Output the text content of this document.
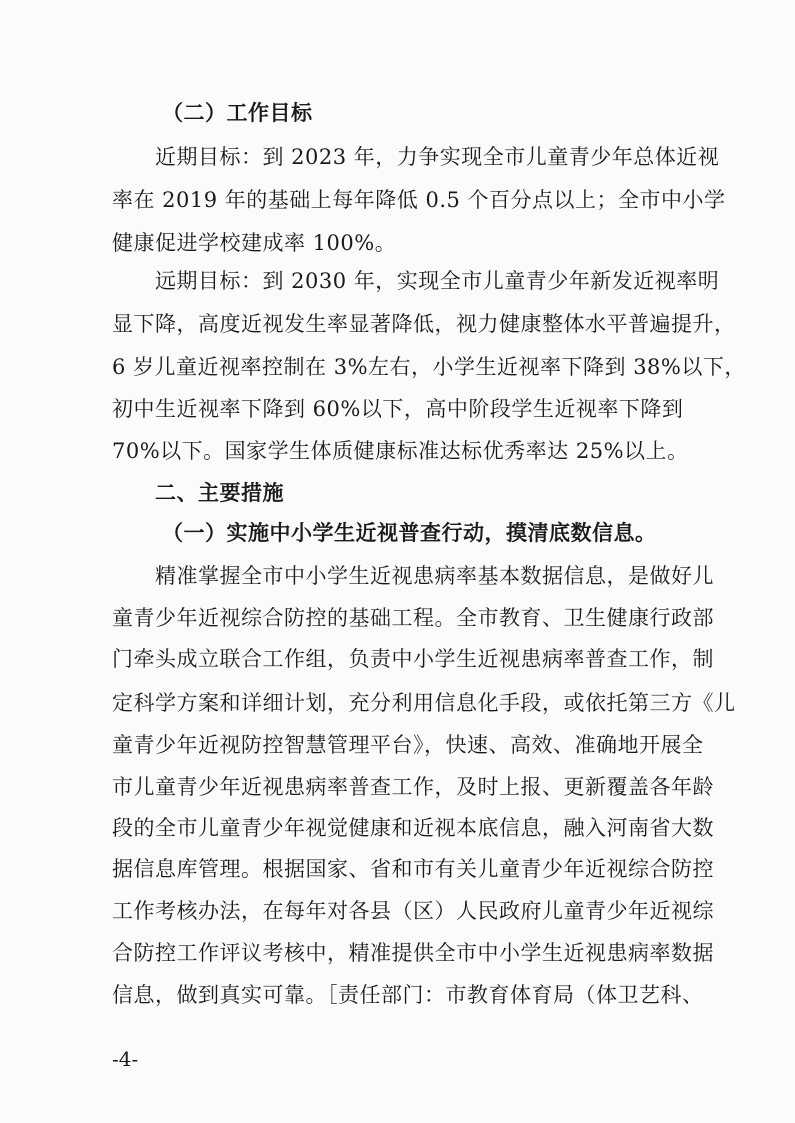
（二）工作目标
近期目标：到 2023 年，力争实现全市儿童青少年总体近视
率在 2019 年的基础上每年降低 0.5 个百分点以上；全市中小学
健康促进学校建成率 100%。
远期目标：到 2030 年，实现全市儿童青少年新发近视率明
显下降，高度近视发生率显著降低，视力健康整体水平普遍提升，
6 岁儿童近视率控制在 3%左右，小学生近视率下降到 38%以下，
初中生近视率下降到 60%以下，高中阶段学生近视率下降到
70%以下。国家学生体质健康标准达标优秀率达 25%以上。
二、主要措施
（一）实施中小学生近视普查行动，摸清底数信息。
精准掌握全市中小学生近视患病率基本数据信息，是做好儿
童青少年近视综合防控的基础工程。全市教育、卫生健康行政部
门牵头成立联合工作组，负责中小学生近视患病率普查工作，制
定科学方案和详细计划，充分利用信息化手段，或依托第三方《儿
童青少年近视防控智慧管理平台》，快速、高效、准确地开展全
市儿童青少年近视患病率普查工作，及时上报、更新覆盖各年龄
段的全市儿童青少年视觉健康和近视本底信息，融入河南省大数
据信息库管理。根据国家、省和市有关儿童青少年近视综合防控
工作考核办法，在每年对各县（区）人民政府儿童青少年近视综
合防控工作评议考核中，精准提供全市中小学生近视患病率数据
信息，做到真实可靠。［责任部门：市教育体育局（体卫艺科、
-4-
